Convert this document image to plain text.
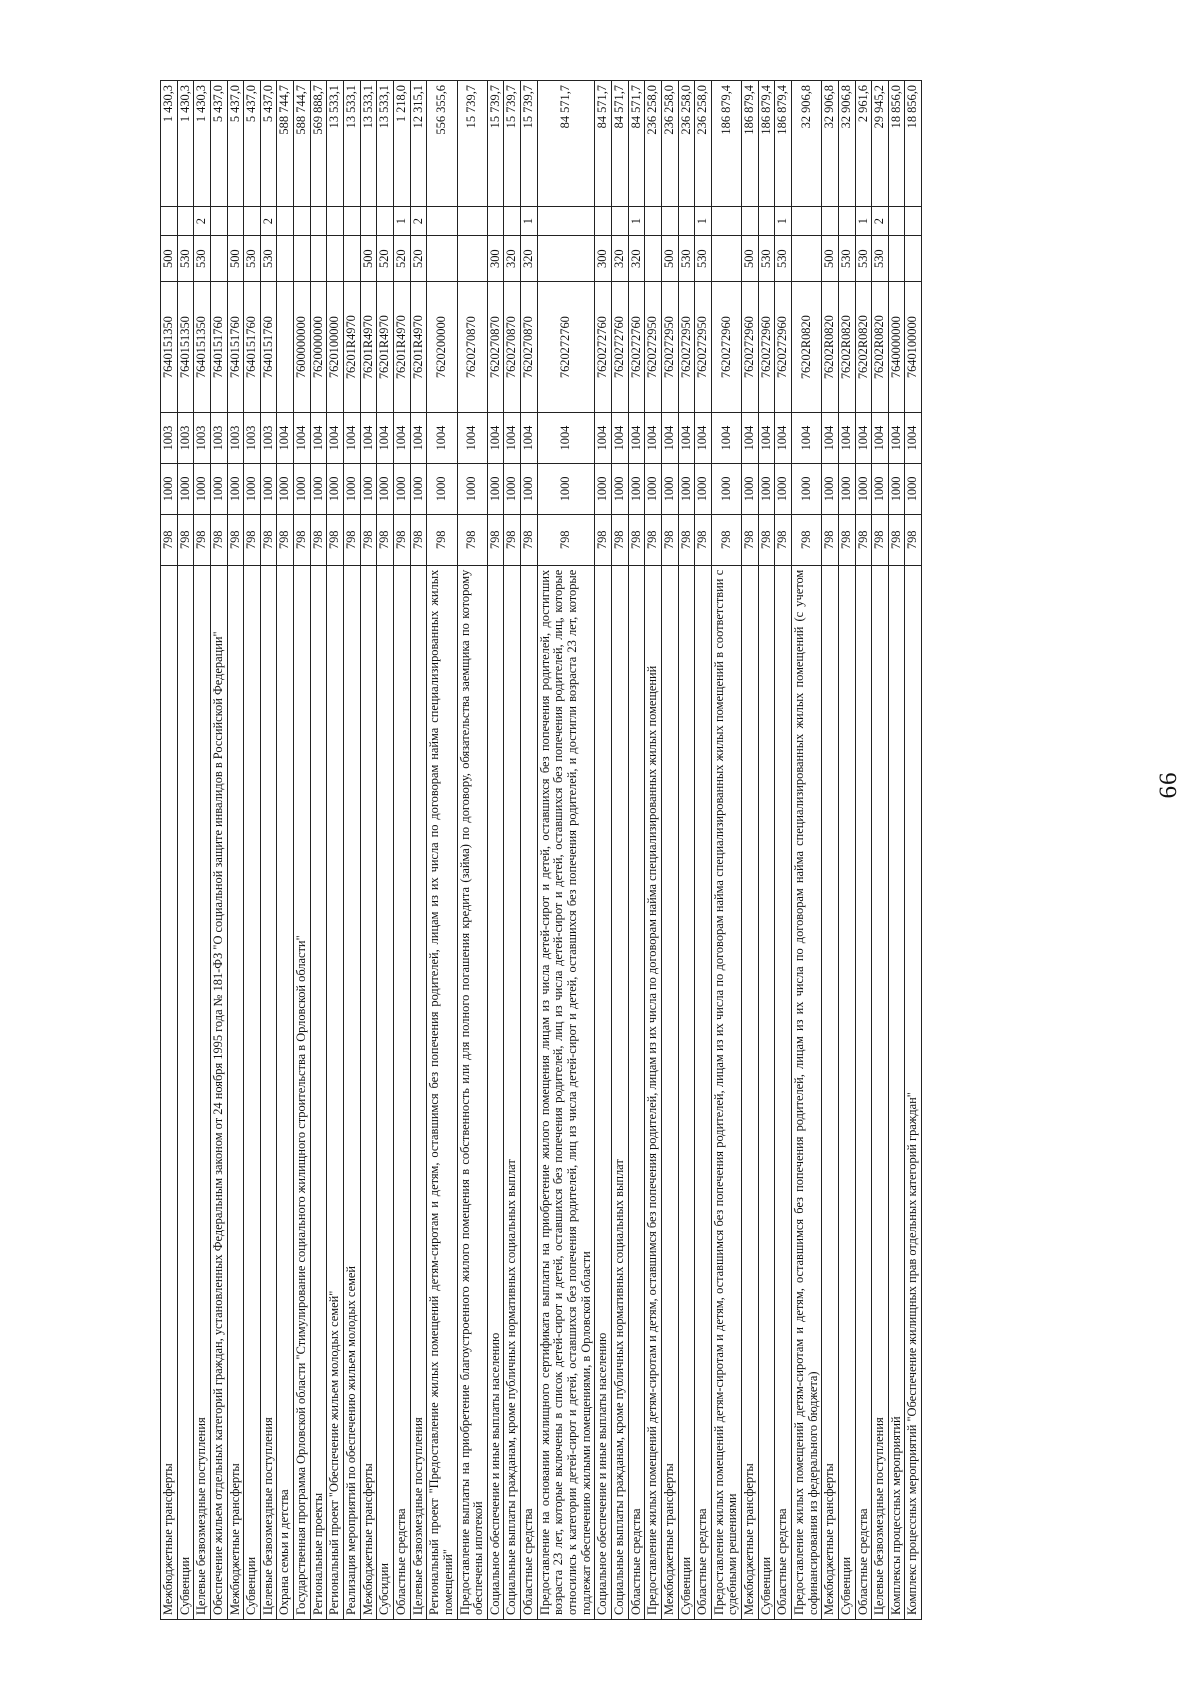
66
Межбюджетные трансферты	798	1000	1003	7640151350	500		1 430,3
Субвенции	798	1000	1003	7640151350	530		1 430,3
Целевые безвозмездные поступления	798	1000	1003	7640151350	530	2	1 430,3
Обеспечение жильем отдельных категорий граждан, установленных Федеральным законом от 24 ноября 1995 года № 181-ФЗ "О социальной защите инвалидов в Российской Федерации"	798	1000	1003	7640151760			5 437,0
Межбюджетные трансферты	798	1000	1003	7640151760	500		5 437,0
Субвенции	798	1000	1003	7640151760	530		5 437,0
Целевые безвозмездные поступления	798	1000	1003	7640151760	530	2	5 437,0
Охрана семьи и детства	798	1000	1004				588 744,7
Государственная программа Орловской области "Стимулирование социального жилищного строительства в Орловской области"	798	1000	1004	7600000000			588 744,7
Региональные проекты	798	1000	1004	7620000000			569 888,7
Региональный проект "Обеспечение жильем молодых семей"	798	1000	1004	7620100000			13 533,1
Реализация мероприятий по обеспечению жильем молодых семей	798	1000	1004	76201R4970			13 533,1
Межбюджетные трансферты	798	1000	1004	76201R4970	500		13 533,1
Субсидии	798	1000	1004	76201R4970	520		13 533,1
Областные средства	798	1000	1004	76201R4970	520	1	1 218,0
Целевые безвозмездные поступления	798	1000	1004	76201R4970	520	2	12 315,1
Региональный проект "Предоставление жилых помещений детям-сиротам и детям, оставшимся без попечения родителей, лицам из их числа по договорам найма специализированных жилых помещений"	798	1000	1004	7620200000			556 355,6
Предоставление выплаты на приобретение благоустроенного жилого помещения в собственность или для полного погашения кредита (займа) по договору, обязательства заемщика по которому обеспечены ипотекой	798	1000	1004	7620270870			15 739,7
Социальное обеспечение и иные выплаты населению	798	1000	1004	7620270870	300		15 739,7
Социальные выплаты гражданам, кроме публичных нормативных социальных выплат	798	1000	1004	7620270870	320		15 739,7
Областные средства	798	1000	1004	7620270870	320	1	15 739,7
Предоставление на основании жилищного сертификата выплаты на приобретение жилого помещения лицам из числа детей-сирот и детей, оставшихся без попечения родителей, достигших возраста 23 лет, которые включены в список детей-сирот и детей, оставшихся без попечения родителей, лиц из числа детей-сирот и детей, оставшихся без попечения родителей, лиц, которые относились к категории детей-сирот и детей, оставшихся без попечения родителей, лиц из числа детей-сирот и детей, оставшихся без попечения родителей, и достигли возраста 23 лет, которые подлежат обеспечению жилыми помещениями, в Орловской области	798	1000	1004	7620272760			84 571,7
Социальное обеспечение и иные выплаты населению	798	1000	1004	7620272760	300		84 571,7
Социальные выплаты гражданам, кроме публичных нормативных социальных выплат	798	1000	1004	7620272760	320		84 571,7
Областные средства	798	1000	1004	7620272760	320	1	84 571,7
Предоставление жилых помещений детям-сиротам и детям, оставшимся без попечения родителей, лицам из их числа по договорам найма специализированных жилых помещений	798	1000	1004	7620272950			236 258,0
Межбюджетные трансферты	798	1000	1004	7620272950	500		236 258,0
Субвенции	798	1000	1004	7620272950	530		236 258,0
Областные средства	798	1000	1004	7620272950	530	1	236 258,0
Предоставление жилых помещений детям-сиротам и детям, оставшимся без попечения родителей, лицам из их числа по договорам найма специализированных жилых помещений в соответствии с судебными решениями	798	1000	1004	7620272960			186 879,4
Межбюджетные трансферты	798	1000	1004	7620272960	500		186 879,4
Субвенции	798	1000	1004	7620272960	530		186 879,4
Областные средства	798	1000	1004	7620272960	530	1	186 879,4
Предоставление жилых помещений детям-сиротам и детям, оставшимся без попечения родителей, лицам из их числа по договорам найма специализированных жилых помещений (с учетом софинансирования из федерального бюджета)	798	1000	1004	76202R0820			32 906,8
Межбюджетные трансферты	798	1000	1004	76202R0820	500		32 906,8
Субвенции	798	1000	1004	76202R0820	530		32 906,8
Областные средства	798	1000	1004	76202R0820	530	1	2 961,6
Целевые безвозмездные поступления	798	1000	1004	76202R0820	530	2	29 945,2
Комплексы процессных мероприятий	798	1000	1004	7640000000			18 856,0
Комплекс процессных мероприятий "Обеспечение жилищных прав отдельных категорий граждан"	798	1000	1004	7640100000			18 856,0
